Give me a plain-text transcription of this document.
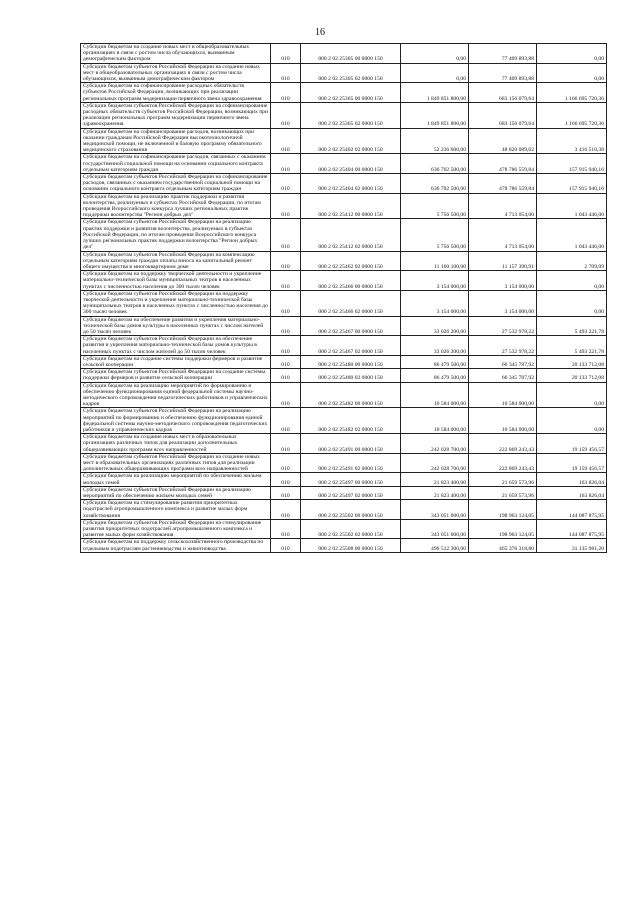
16
Субсидии бюджетам на создание новых мест в общеобразовательных организациях в связи с ростом числа обучающихся, вызванным демографическим фактором	010	000 2 02 25305 00 0000 150	0,00	77 409 893,88	0,00
Субсидии бюджетам субъектов Российской Федерации на создание новых мест в общеобразовательных организациях в связи с ростом числа обучающихся, вызванным демографическим фактором	010	000 2 02 25305 02 0000 150	0,00	77 409 893,88	0,00
Субсидии бюджетам на софинансирование расходных обязательств субъектов Российской Федерации, возникающих при реализации региональных программ модернизации первичного звена здравоохранения	010	000 2 02 25365 00 0000 150	1 849 851 800,00	683 156 079,64	1 166 695 720,36
Субсидии бюджетам субъектов Российской Федерации на софинансирование расходных обязательств субъектов Российской Федерации, возникающих при реализации региональных программ модернизации первичного звена здравоохранения	010	000 2 02 25365 02 0000 150	1 849 851 800,00	683 156 079,64	1 166 695 720,36
Субсидии бюджетам на софинансирование расходов, возникающих при оказании гражданам Российской Федерации высокотехнологичной медицинской помощи, не включенной в базовую программу обязательного медицинского страхования	010	000 2 02 25402 02 0000 150	52 236 600,00	48 820 089,62	3 416 510,38
Субсидии бюджетам на софинансирование расходов, связанных с оказанием государственной социальной помощи на основании социального контракта отдельным категориям граждан	010	000 2 02 25404 00 0000 150	636 702 500,00	478 786 559,84	157 915 940,16
Субсидии бюджетам субъектов Российской Федерации на софинансирование расходов, связанных с оказанием государственной социальной помощи на основании социального контракта отдельным категориям граждан	010	000 2 02 25404 02 0000 150	636 702 500,00	478 786 559,84	157 915 940,16
Субсидии бюджетам на реализацию практик поддержки и развития волонтерства, реализуемых в субъектах Российской Федерации, по итогам проведения Всероссийского конкурса лучших региональных практик поддержки волонтерства "Регион добрых дел"	010	000 2 02 25412 00 0000 150	5 756 500,00	4 713 054,00	1 043 446,00
Субсидии бюджетам субъектов Российской Федерации на реализацию практик поддержки и развития волонтерства, реализуемых в субъектах Российской Федерации, по итогам проведения Всероссийского конкурса лучших региональных практик поддержки волонтерства "Регион добрых дел"	010	000 2 02 25412 02 0000 150	5 756 500,00	4 713 054,00	1 043 446,00
Субсидии бюджетам субъектов Российской Федерации на компенсацию отдельным категориям граждан оплаты взноса на капитальный ремонт общего имущества в многоквартирном доме	010	000 2 02 25462 02 0000 150	11 160 100,00	11 157 390,91	2 709,09
Субсидии бюджетам на поддержку творческой деятельности и укрепление материально-технической базы муниципальных театров в населенных пунктах с численностью населения до 300 тысяч человек	010	000 2 02 25466 00 0000 150	3 154 000,00	3 154 000,00	0,00
Субсидии бюджетам субъектов Российской Федерации на поддержку творческой деятельности и укрепление материально-технической базы муниципальных театров в населенных пунктах с численностью населения до 300 тысяч человек	010	000 2 02 25466 02 0000 150	3 154 000,00	3 154 000,00	0,00
Субсидии бюджетам на обеспечение развития и укрепления материально-технической базы домов культуры в населенных пунктах с числом жителей до 50 тысяч человек	010	000 2 02 25467 00 0000 150	33 026 200,00	27 532 978,22	5 493 221,78
Субсидии бюджетам субъектов Российской Федерации на обеспечение развития и укрепления материально-технической базы домов культуры в населенных пунктах с числом жителей до 50 тысяч человек	010	000 2 02 25467 02 0000 150	33 026 200,00	27 532 978,22	5 493 221,78
Субсидии бюджетам на создание системы поддержки фермеров и развитие сельской кооперации	010	000 2 02 25480 00 0000 150	86 479 500,00	66 345 787,92	20 133 712,08
Субсидии бюджетам субъектов Российской Федерации на создание системы поддержки фермеров и развитие сельской кооперации	010	000 2 02 25480 02 0000 150	86 479 500,00	66 345 787,92	20 133 712,08
Субсидии бюджетам на реализацию мероприятий по формированию и обеспечению функционирования единой федеральной системы научно-методического сопровождения педагогических работников и управленческих кадров	010	000 2 02 25482 00 0000 150	10 584 000,00	10 584 000,00	0,00
Субсидии бюджетам субъектов Российской Федерации на реализацию мероприятий по формированию и обеспечению функционирования единой федеральной системы научно-методического сопровождения педагогических работников и управленческих кадров	010	000 2 02 25482 02 0000 150	10 584 000,00	10 584 000,00	0,00
Субсидии бюджетам на создание новых мест в образовательных организациях различных типов для реализации дополнительных общеразвивающих программ всех направленностей	010	000 2 02 25491 00 0000 150	242 028 700,00	222 869 243,43	19 159 456,57
Субсидии бюджетам субъектов Российской Федерации на создание новых мест в образовательных организациях различных типов для реализации дополнительных общеразвивающих программ всех направленностей	010	000 2 02 25491 02 0000 150	242 028 700,00	222 869 243,43	19 159 456,57
Субсидии бюджетам на реализацию мероприятий по обеспечению жильем молодых семей	010	000 2 02 25497 00 0000 150	21 823 400,00	21 659 573,96	163 826,04
Субсидии бюджетам субъектов Российской Федерации на реализацию мероприятий по обеспечению жильем молодых семей	010	000 2 02 25497 02 0000 150	21 823 400,00	21 659 573,96	163 826,04
Субсидии бюджетам на стимулирование развития приоритетных подотраслей агропромышленного комплекса и развитие малых форм хозяйствования	010	000 2 02 25502 00 0000 150	343 051 000,00	198 963 124,05	144 087 875,95
Субсидии бюджетам субъектов Российской Федерации на стимулирование развития приоритетных подотраслей агропромышленного комплекса и развитие малых форм хозяйствования	010	000 2 02 25502 02 0000 150	343 051 000,00	198 963 124,05	144 087 875,95
Субсидии бюджетам на поддержку сельскохозяйственного производства по отдельным подотраслям растениеводства и животноводства	010	000 2 02 25508 00 0000 150	496 512 300,00	465 376 318,80	31 135 981,20
